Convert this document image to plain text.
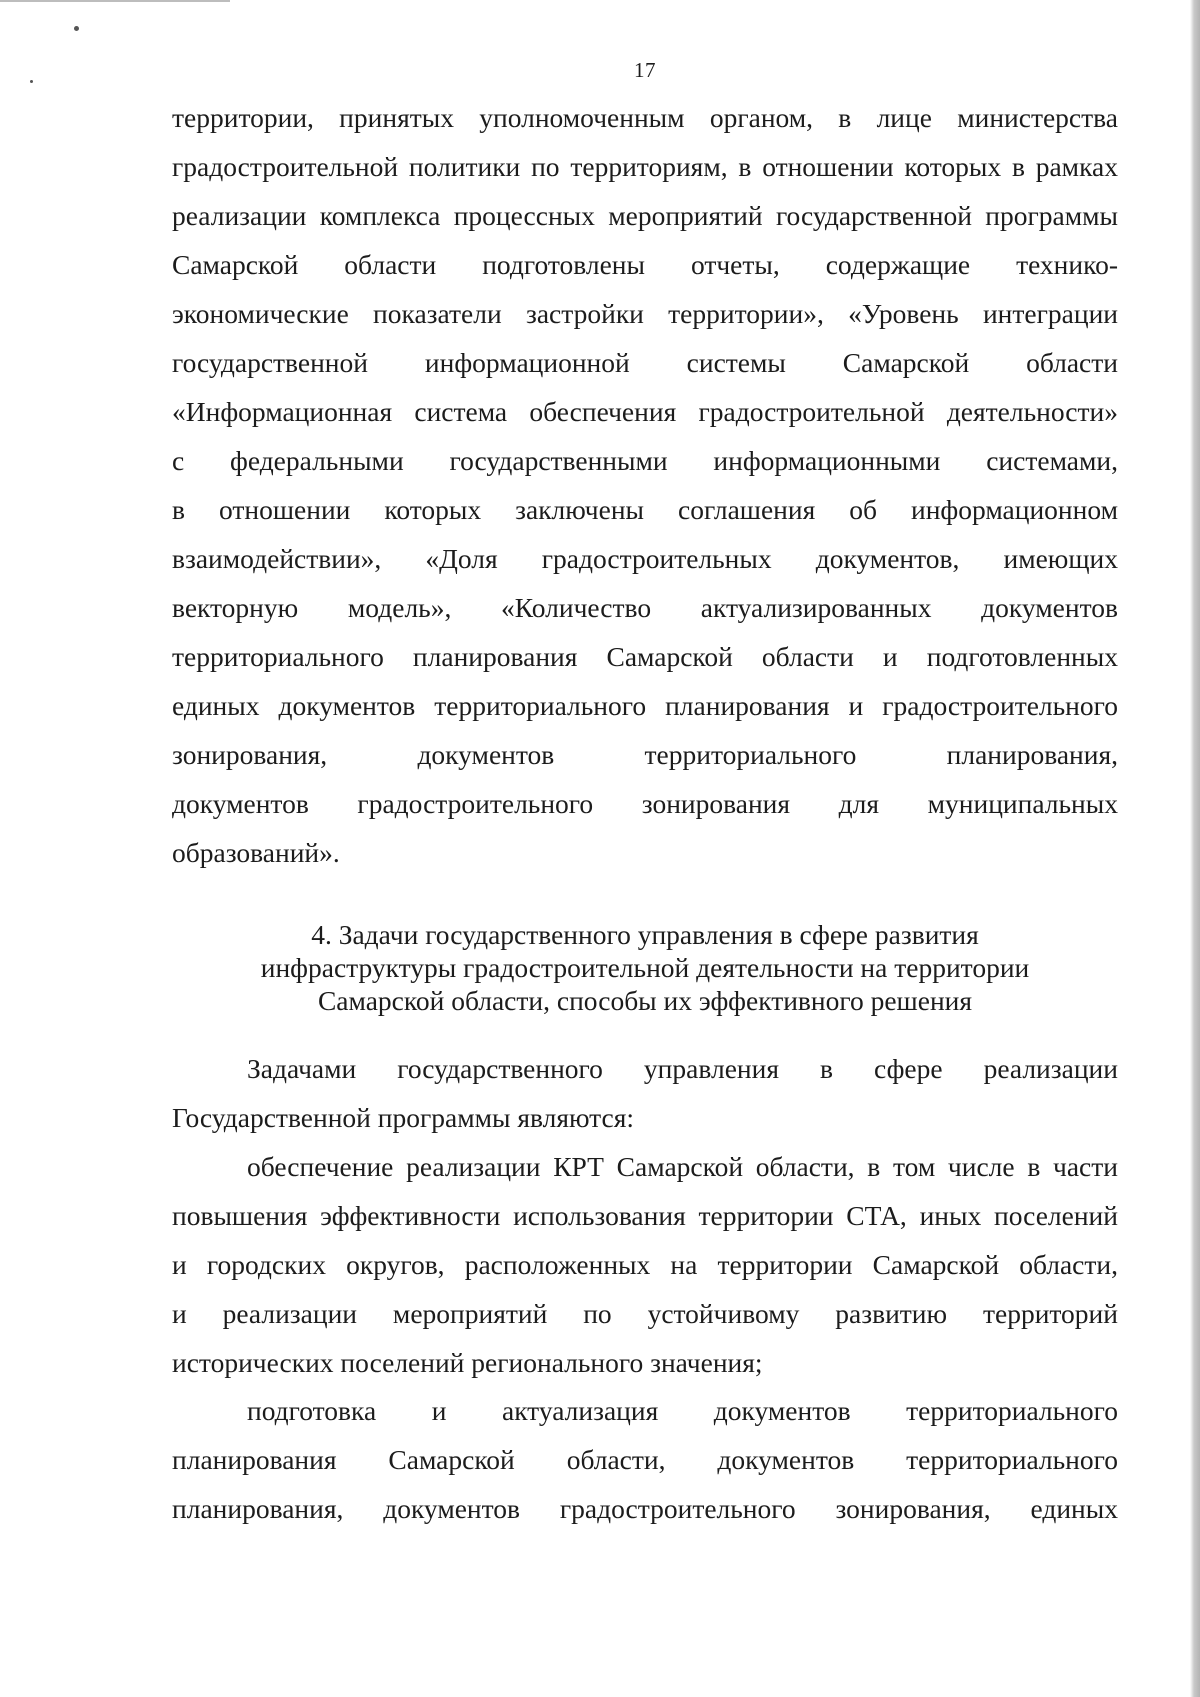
17
территории, принятых уполномоченным органом, в лице министерства
градостроительной политики по территориям, в отношении которых в рамках
реализации комплекса процессных мероприятий государственной программы
Самарской области подготовлены отчеты, содержащие технико-
экономические показатели застройки территории», «Уровень интеграции
государственной информационной системы Самарской области
«Информационная система обеспечения градостроительной деятельности»
с федеральными государственными информационными системами,
в отношении которых заключены соглашения об информационном
взаимодействии», «Доля градостроительных документов, имеющих
векторную модель», «Количество актуализированных документов
территориального планирования Самарской области и подготовленных
единых документов территориального планирования и градостроительного
зонирования, документов территориального планирования,
документов градостроительного зонирования для муниципальных
образований».
4. Задачи государственного управления в сфере развития
инфраструктуры градостроительной деятельности на территории
Самарской области, способы их эффективного решения
Задачами государственного управления в сфере реализации
Государственной программы являются:
обеспечение реализации КРТ Самарской области, в том числе в части
повышения эффективности использования территории СТА, иных поселений
и городских округов, расположенных на территории Самарской области,
и реализации мероприятий по устойчивому развитию территорий
исторических поселений регионального значения;
подготовка и актуализация документов территориального
планирования Самарской области, документов территориального
планирования, документов градостроительного зонирования, единых
